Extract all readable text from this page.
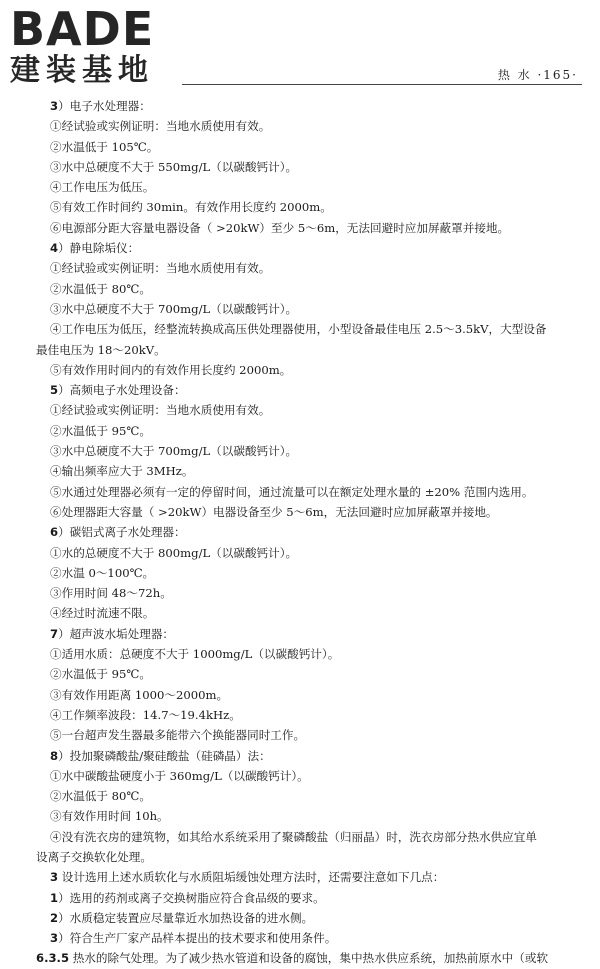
BADE
建装基地	热 水 ·165·
3）电子水处理器：
①经试验或实例证明：当地水质使用有效。
②水温低于 105℃。
③水中总硬度不大于 550mg/L（以碳酸钙计）。
④工作电压为低压。
⑤有效工作时间约 30min。有效作用长度约 2000m。
⑥电源部分距大容量电器设备（ >20kW）至少 5～6m，无法回避时应加屏蔽罩并接地。
4）静电除垢仪：
①经试验或实例证明：当地水质使用有效。
②水温低于 80℃。
③水中总硬度不大于 700mg/L（以碳酸钙计）。
④工作电压为低压，经整流转换成高压供处理器使用，小型设备最佳电压 2.5～3.5kV，大型设备
最佳电压为 18～20kV。
⑤有效作用时间内的有效作用长度约 2000m。
5）高频电子水处理设备：
①经试验或实例证明：当地水质使用有效。
②水温低于 95℃。
③水中总硬度不大于 700mg/L（以碳酸钙计）。
④输出频率应大于 3MHz。
⑤水通过处理器必须有一定的停留时间，通过流量可以在额定处理水量的 ±20% 范围内选用。
⑥处理器距大容量（ >20kW）电器设备至少 5～6m，无法回避时应加屏蔽罩并接地。
6）碳铝式离子水处理器：
①水的总硬度不大于 800mg/L（以碳酸钙计）。
②水温 0～100℃。
③作用时间 48～72h。
④经过时流速不限。
7）超声波水垢处理器：
①适用水质：总硬度不大于 1000mg/L（以碳酸钙计）。
②水温低于 95℃。
③有效作用距离 1000～2000m。
④工作频率波段：14.7～19.4kHz。
⑤一台超声发生器最多能带六个换能器同时工作。
8）投加聚磷酸盐/聚硅酸盐（硅磷晶）法：
①水中碳酸盐硬度小于 360mg/L（以碳酸钙计）。
②水温低于 80℃。
③有效作用时间 10h。
④没有洗衣房的建筑物，如其给水系统采用了聚磷酸盐（归丽晶）时，洗衣房部分热水供应宜单
设离子交换软化处理。
3 设计选用上述水质软化与水质阻垢缓蚀处理方法时，还需要注意如下几点：
1）选用的药剂或离子交换树脂应符合食品级的要求。
2）水质稳定装置应尽量靠近水加热设备的进水侧。
3）符合生产厂家产品样本提出的技术要求和使用条件。
6.3.5 热水的除气处理。为了减少热水管道和设备的腐蚀，集中热水供应系统，加热前原水中（或软
